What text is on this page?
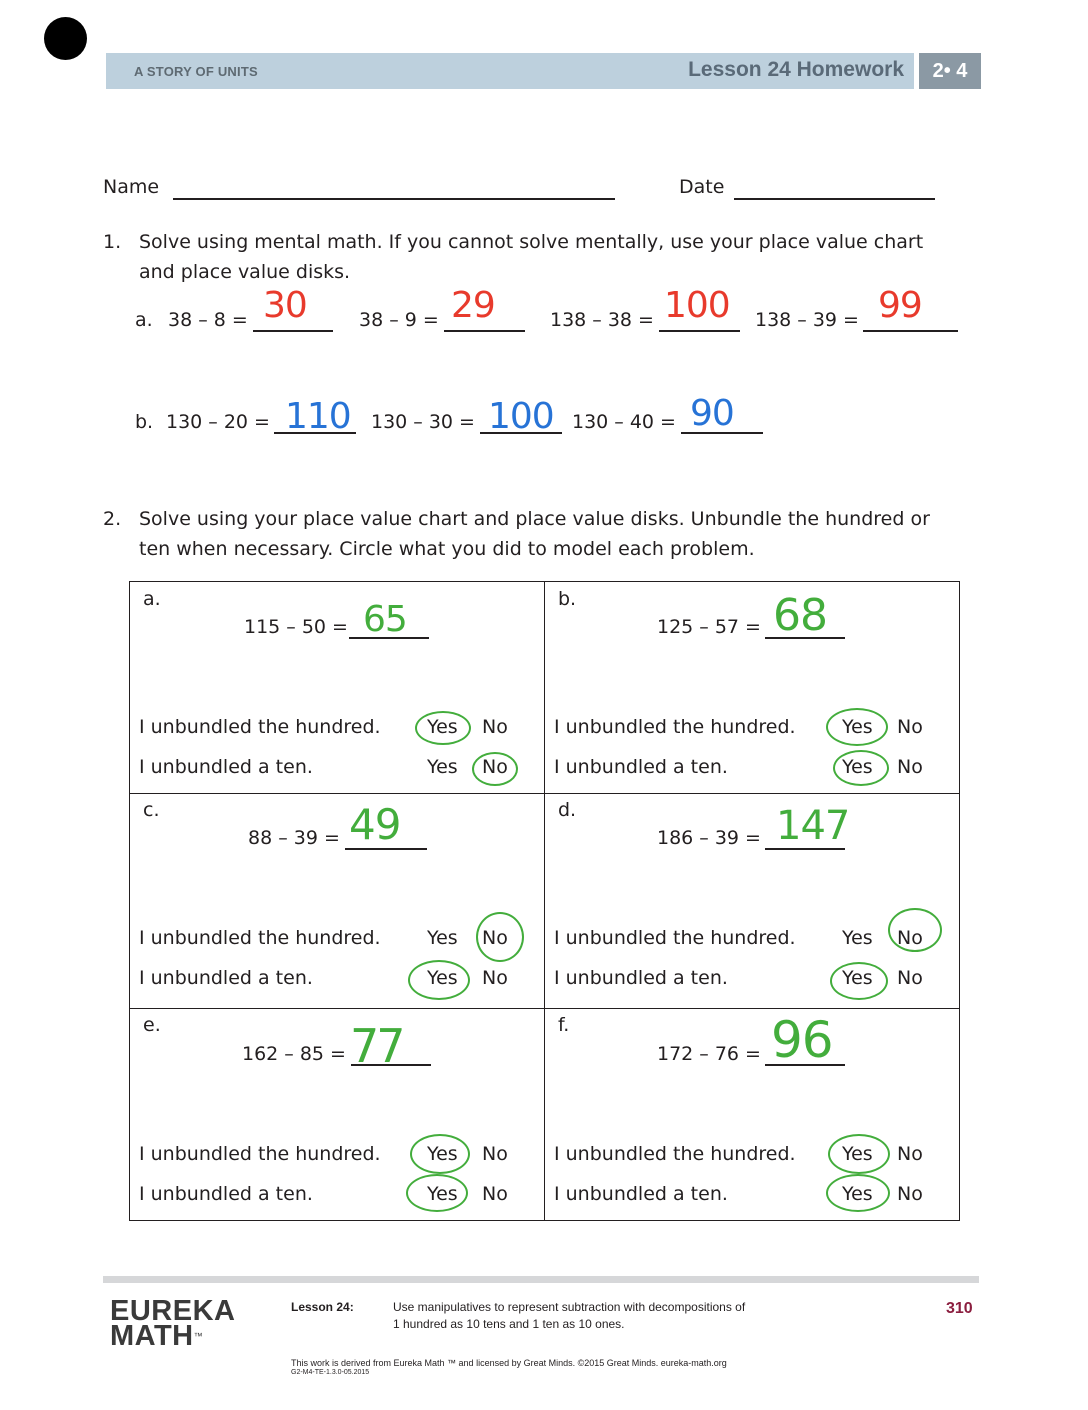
A STORY OF UNITS	Lesson 24 Homework	2• 4
Name	Date
1. Solve using mental math. If you cannot solve mentally, use your place value chart
and place value disks.
a. 38 – 8 = 30	38 – 9 = 29	138 – 38 = 100 138 – 39 = 99
b. 130 – 20 = 110 130 – 30 = 100 130 – 40 = 90
2. Solve using your place value chart and place value disks. Unbundle the hundred or
ten when necessary. Circle what you did to model each problem.
a.
115 – 50 = 65
I unbundled the hundred. Yes No
I unbundled a ten.	Yes No
b.
125 – 57 = 68
I unbundled the hundred. Yes No
I unbundled a ten.	Yes No
c.
88 – 39 = 49
I unbundled the hundred. Yes No
I unbundled a ten.	Yes No
d.
186 – 39 = 147
I unbundled the hundred. Yes No
I unbundled a ten.	Yes No
e.
162 – 85 = 77
I unbundled the hundred. Yes No
I unbundled a ten.	Yes No
f.
172 – 76 = 96
I unbundled the hundred. Yes No
I unbundled a ten.	Yes No
EUREKA
MATH™
Lesson 24:	Use manipulatives to represent subtraction with decompositions of
1 hundred as 10 tens and 1 ten as 10 ones.
310
This work is derived from Eureka Math ™ and licensed by Great Minds. ©2015 Great Minds. eureka-math.org
G2-M4-TE-1.3.0-05.2015
